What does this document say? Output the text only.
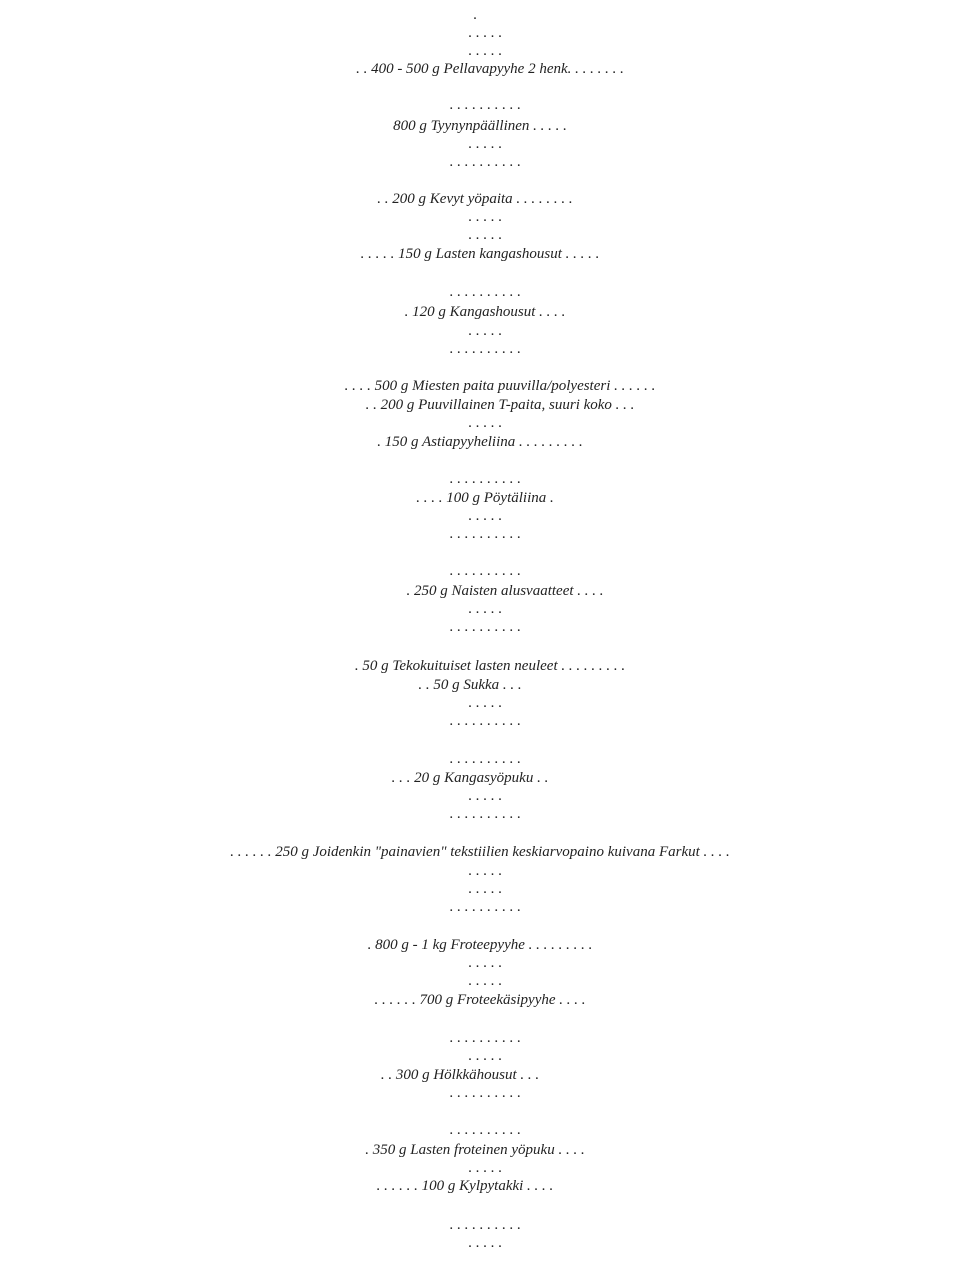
.
. . . . .
. . . . .
. . 400 - 500 g Pellavapyyhe 2 henk. . . . . . . .
. . . . . . . . . .
800 g Tyynynpäällinen . . . . .
. . . . .
. . . . . . . . . .
. . 200 g Kevyt yöpaita . . . . . . . .
. . . . .
. . . . .
. . . . . 150 g Lasten kangashousut . . . . .
. . . . . . . . . .
. 120 g Kangashousut . . . .
. . . . .
. . . . . . . . . .
. . . . 500 g Miesten paita puuvilla/polyesteri . . . . . .
. . 200 g Puuvillainen T-paita, suuri koko . . .
. . . . .
. 150 g Astiapyyheliina . . . . . . . . .
. . . . . . . . . .
. . . . 100 g Pöytäliina .
. . . . .
. . . . . . . . . .
. . . . . . . . . .
. 250 g Naisten alusvaatteet . . . .
. . . . .
. . . . . . . . . .
. 50 g Tekokuituiset lasten neuleet . . . . . . . . .
. . 50 g Sukka . . .
. . . . .
. . . . . . . . . .
. . . . . . . . . .
. . . 20 g Kangasyöpuku . .
. . . . .
. . . . . . . . . .
. . . . . . 250 g Joidenkin "painavien" tekstiilien keskiarvopaino kuivana Farkut . . . .
. . . . .
. . . . .
. . . . . . . . . .
. 800 g - 1 kg Froteepyyhe . . . . . . . . .
. . . . .
. . . . .
. . . . . . 700 g Froteekäsipyyhe . . . .
. . . . . . . . . .
. . . . .
. . 300 g Hölkkähousut . . .
. . . . . . . . . .
. . . . . . . . . .
. 350 g Lasten froteinen yöpuku . . . .
. . . . .
. . . . . . 100 g Kylpytakki . . . .
. . . . . . . . . .
. . . . .
